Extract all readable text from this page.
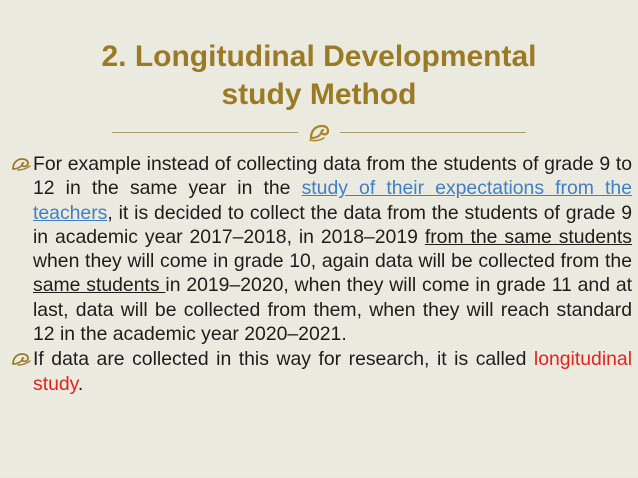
2. Longitudinal Developmental
study Method

For example instead of collecting data from the students of grade 9 to 12 in the same year in the study of their expectations from the teachers, it is decided to collect the data from the students of grade 9 in academic year 2017–2018, in 2018–2019 from the same students when they will come in grade 10, again data will be collected from the same students in 2019–2020, when they will come in grade 11 and at last, data will be collected from them, when they will reach standard 12 in the academic year 2020–2021.

If data are collected in this way for research, it is called longitudinal study.
